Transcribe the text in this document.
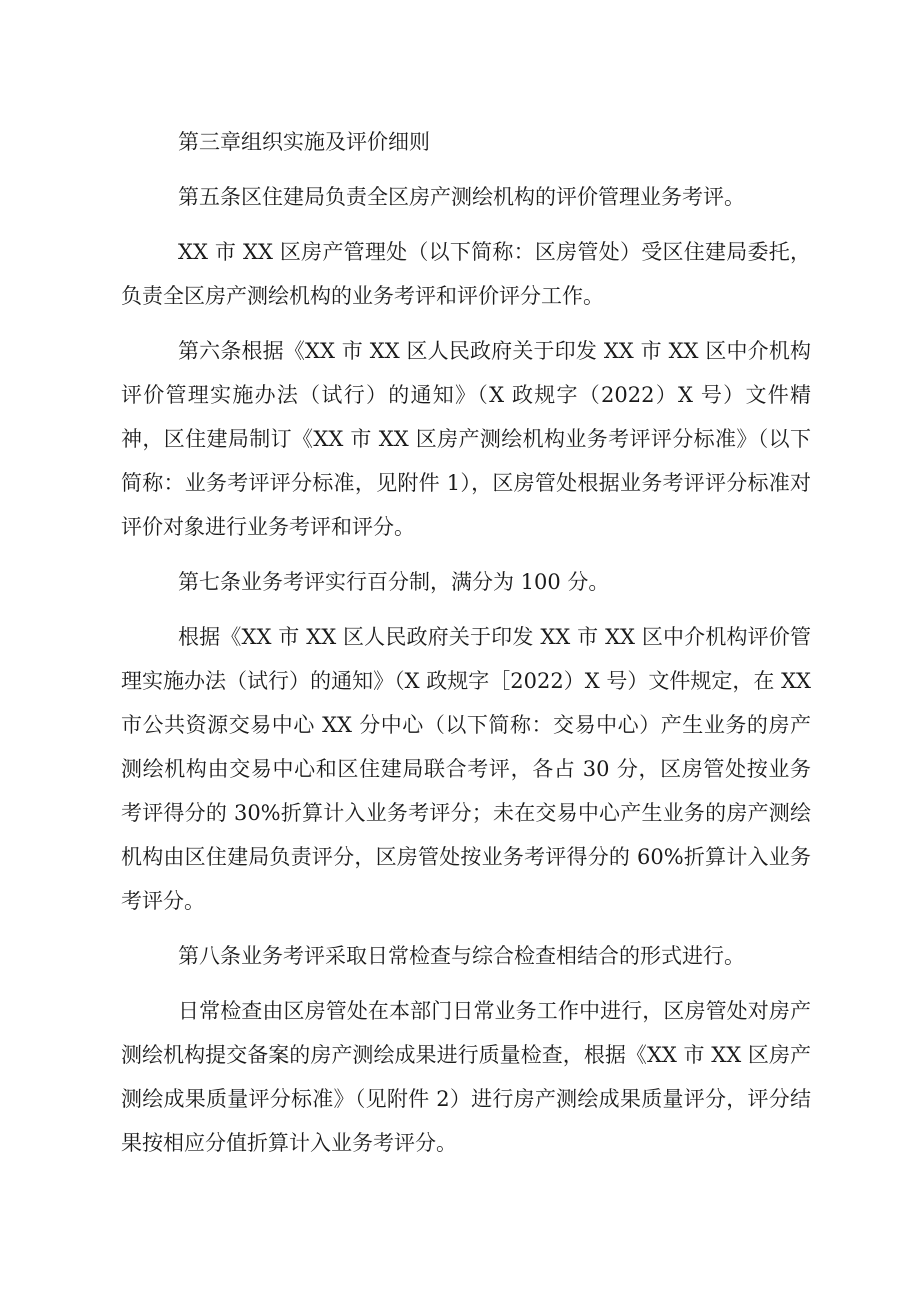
第三章组织实施及评价细则

第五条区住建局负责全区房产测绘机构的评价管理业务考评。

XX 市 XX 区房产管理处（以下简称：区房管处）受区住建局委托，负责全区房产测绘机构的业务考评和评价评分工作。

第六条根据《XX 市 XX 区人民政府关于印发 XX 市 XX 区中介机构评价管理实施办法（试行）的通知》（X 政规字（2022）X 号）文件精神，区住建局制订《XX 市 XX 区房产测绘机构业务考评评分标准》（以下简称：业务考评评分标准，见附件 1），区房管处根据业务考评评分标准对评价对象进行业务考评和评分。

第七条业务考评实行百分制，满分为 100 分。

根据《XX 市 XX 区人民政府关于印发 XX 市 XX 区中介机构评价管理实施办法（试行）的通知》（X 政规字［2022）X 号）文件规定，在 XX 市公共资源交易中心 XX 分中心（以下简称：交易中心）产生业务的房产测绘机构由交易中心和区住建局联合考评，各占 30 分，区房管处按业务考评得分的 30%折算计入业务考评分；未在交易中心产生业务的房产测绘机构由区住建局负责评分，区房管处按业务考评得分的 60%折算计入业务考评分。

第八条业务考评采取日常检查与综合检查相结合的形式进行。

日常检查由区房管处在本部门日常业务工作中进行，区房管处对房产测绘机构提交备案的房产测绘成果进行质量检查，根据《XX 市 XX 区房产测绘成果质量评分标准》（见附件 2）进行房产测绘成果质量评分，评分结果按相应分值折算计入业务考评分。
